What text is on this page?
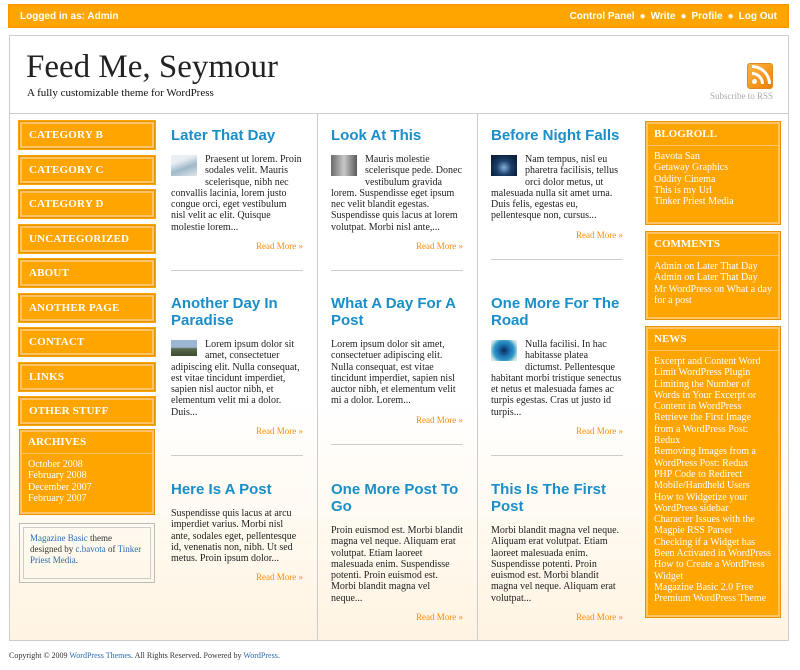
Logged in as: Admin	Control Panel ● Write ● Profile ● Log Out
Feed Me, Seymour
A fully customizable theme for WordPress	Subscribe to RSS
CATEGORY B
CATEGORY C
CATEGORY D
UNCATEGORIZED
ABOUT
ANOTHER PAGE
CONTACT
LINKS
OTHER STUFF
ARCHIVES
October 2008
February 2008
December 2007
February 2007
Magazine Basic theme designed by c.bavota of Tinker Priest Media.
Later That Day
Praesent ut lorem. Proin sodales velit. Mauris scelerisque, nibh nec convallis lacinia, lorem justo congue orci, eget vestibulum nisl velit ac elit. Quisque molestie lorem...
Read More »
Look At This
Mauris molestie scelerisque pede. Donec vestibulum gravida lorem. Suspendisse eget ipsum nec velit blandit egestas. Suspendisse quis lacus at lorem volutpat. Morbi nisl ante,...
Read More »
Before Night Falls
Nam tempus, nisl eu pharetra facilisis, tellus orci dolor metus, ut malesuada nulla sit amet urna. Duis felis, egestas eu, pellentesque non, cursus...
Read More »
Another Day In Paradise
Lorem ipsum dolor sit amet, consectetuer adipiscing elit. Nulla consequat, est vitae tincidunt imperdiet, sapien nisl auctor nibh, et elementum velit mi a dolor. Duis...
Read More »
What A Day For A Post
Lorem ipsum dolor sit amet, consectetuer adipiscing elit. Nulla consequat, est vitae tincidunt imperdiet, sapien nisl auctor nibh, et elementum velit mi a dolor. Lorem...
Read More »
One More For The Road
Nulla facilisi. In hac habitasse platea dictumst. Pellentesque habitant morbi tristique senectus et netus et malesuada fames ac turpis egestas. Cras ut justo id turpis...
Read More »
Here Is A Post
Suspendisse quis lacus at arcu imperdiet varius. Morbi nisl ante, sodales eget, pellentesque id, venenatis non, nibh. Ut sed metus. Proin ipsum dolor...
Read More »
One More Post To Go
Proin euismod est. Morbi blandit magna vel neque. Aliquam erat volutpat. Etiam laoreet malesuada enim. Suspendisse potenti. Proin euismod est. Morbi blandit magna vel neque...
Read More »
This Is The First Post
Morbi blandit magna vel neque. Aliquam erat volutpat. Etiam laoreet malesuada enim. Suspendisse potenti. Proin euismod est. Morbi blandit magna vel neque. Aliquam erat volutpat...
Read More »
BLOGROLL
Bavota San
Getaway Graphics
Oddity Cinema
This is my Url
Tinker Priest Media
COMMENTS
Admin on Later That Day
Admin on Later That Day
Mr WordPress on What a day for a post
NEWS
Excerpt and Content Word Limit WordPress Plugin
Limiting the Number of Words in Your Excerpt or Content in WordPress
Retrieve the First Image from a WordPress Post: Redux
Removing Images from a WordPress Post: Redux
PHP Code to Redirect Mobile/Handheld Users
How to Widgetize your WordPress sidebar
Character Issues with the Magpie RSS Parser
Checking if a Widget has Been Activated in WordPress
How to Create a WordPress Widget
Magazine Basic 2.0 Free Premium WordPress Theme
Copyright © 2009 WordPress Themes. All Rights Reserved. Powered by WordPress.
